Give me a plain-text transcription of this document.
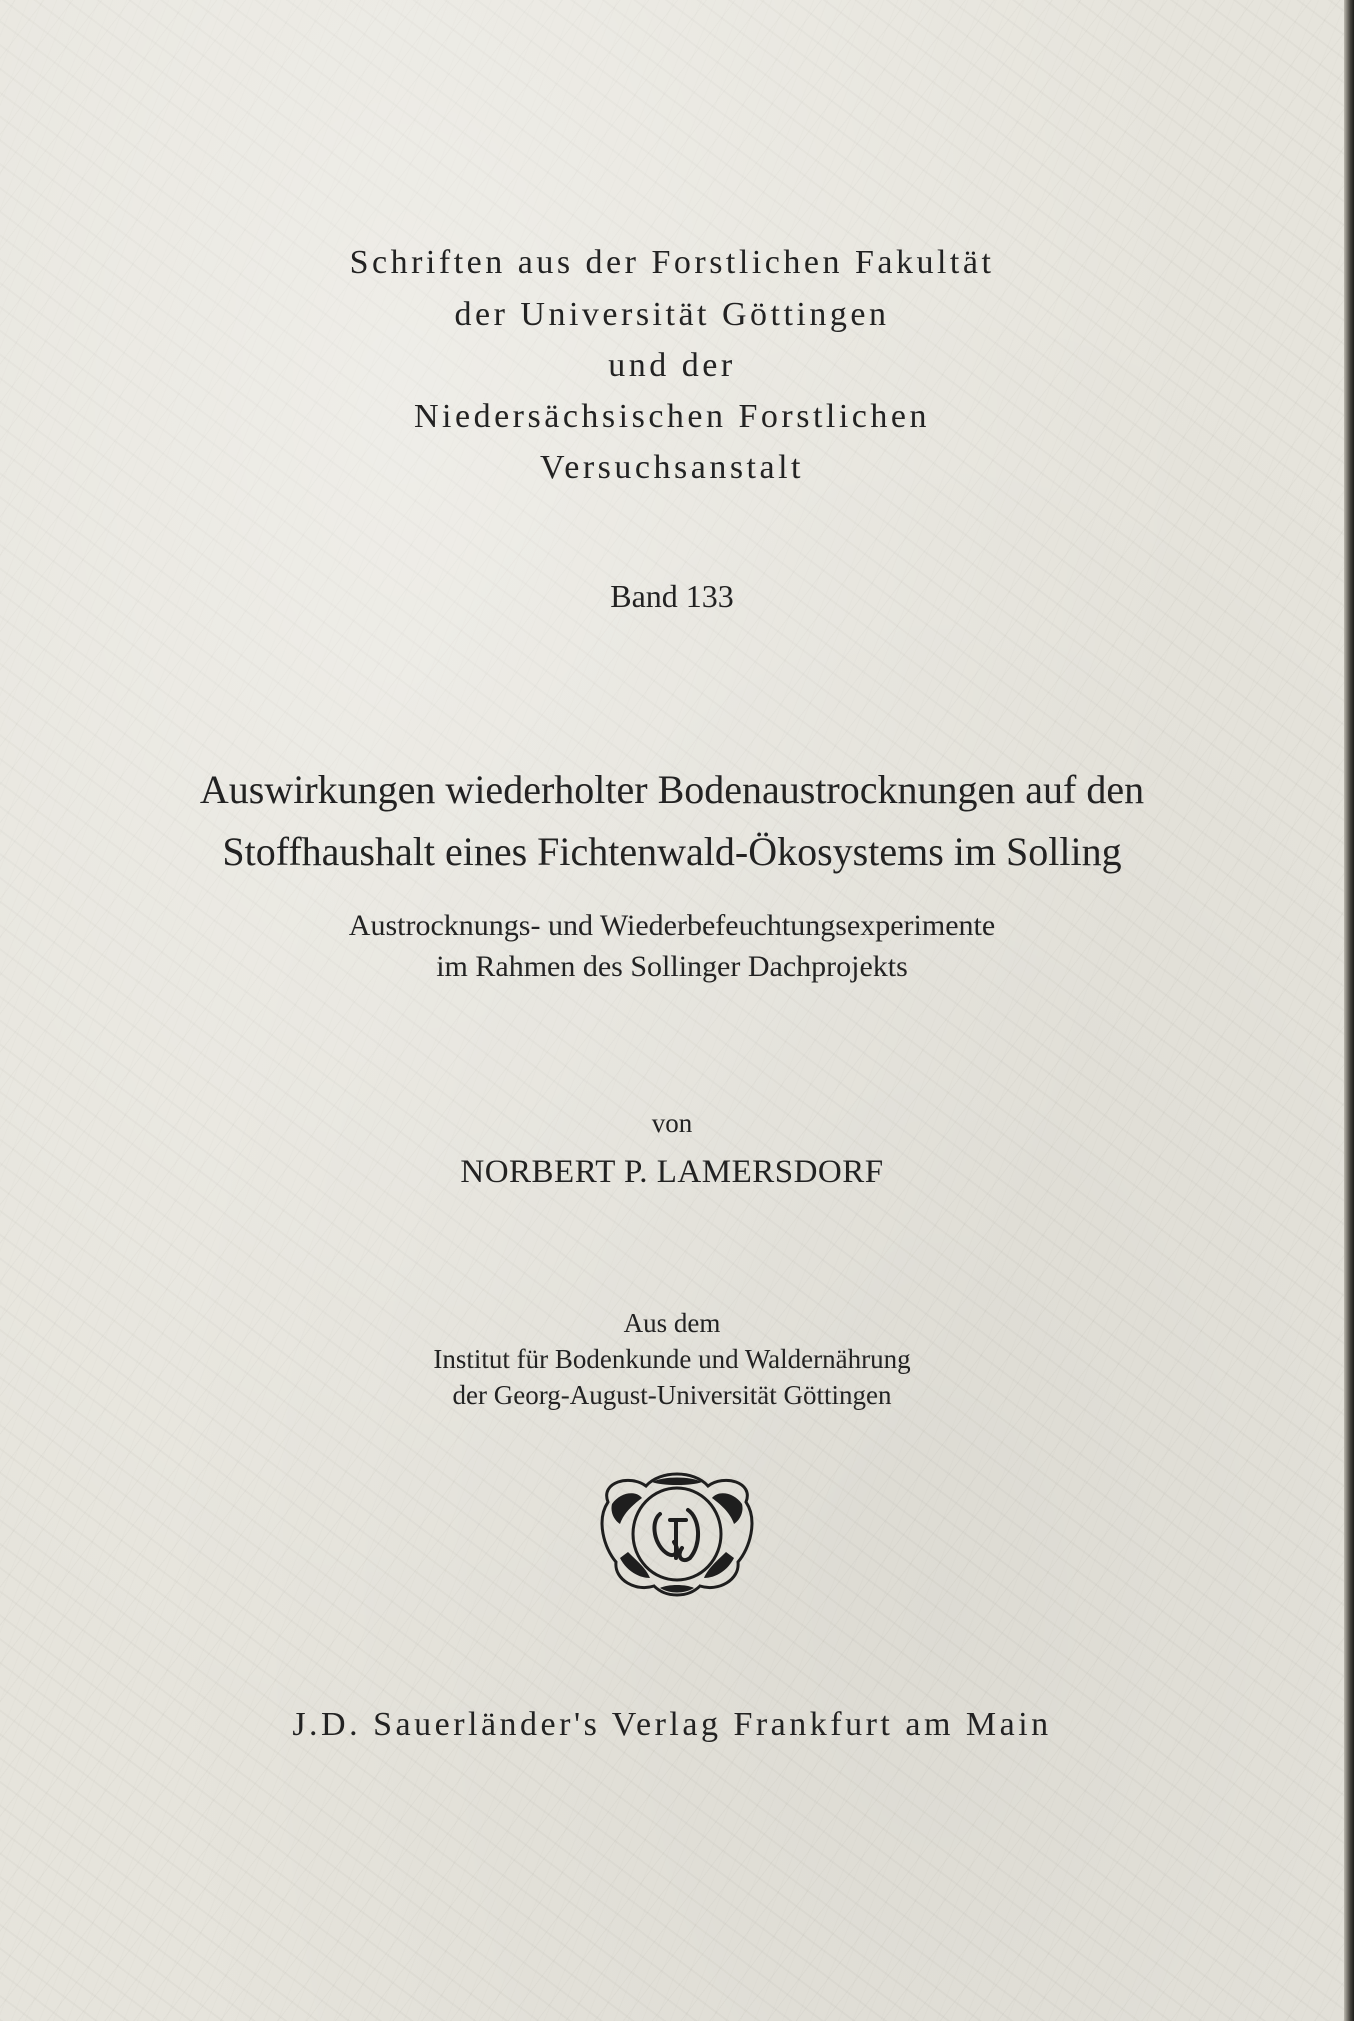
Schriften aus der Forstlichen Fakultät
der Universität Göttingen
und der
Niedersächsischen Forstlichen
Versuchsanstalt
Band 133
Auswirkungen wiederholter Bodenaustrocknungen auf den
Stoffhaushalt eines Fichtenwald-Ökosystems im Solling
Austrocknungs- und Wiederbefeuchtungsexperimente
im Rahmen des Sollinger Dachprojekts
von
NORBERT P. LAMERSDORF
Aus dem
Institut für Bodenkunde und Waldernährung
der Georg-August-Universität Göttingen
J.D. Sauerländer's Verlag Frankfurt am Main
